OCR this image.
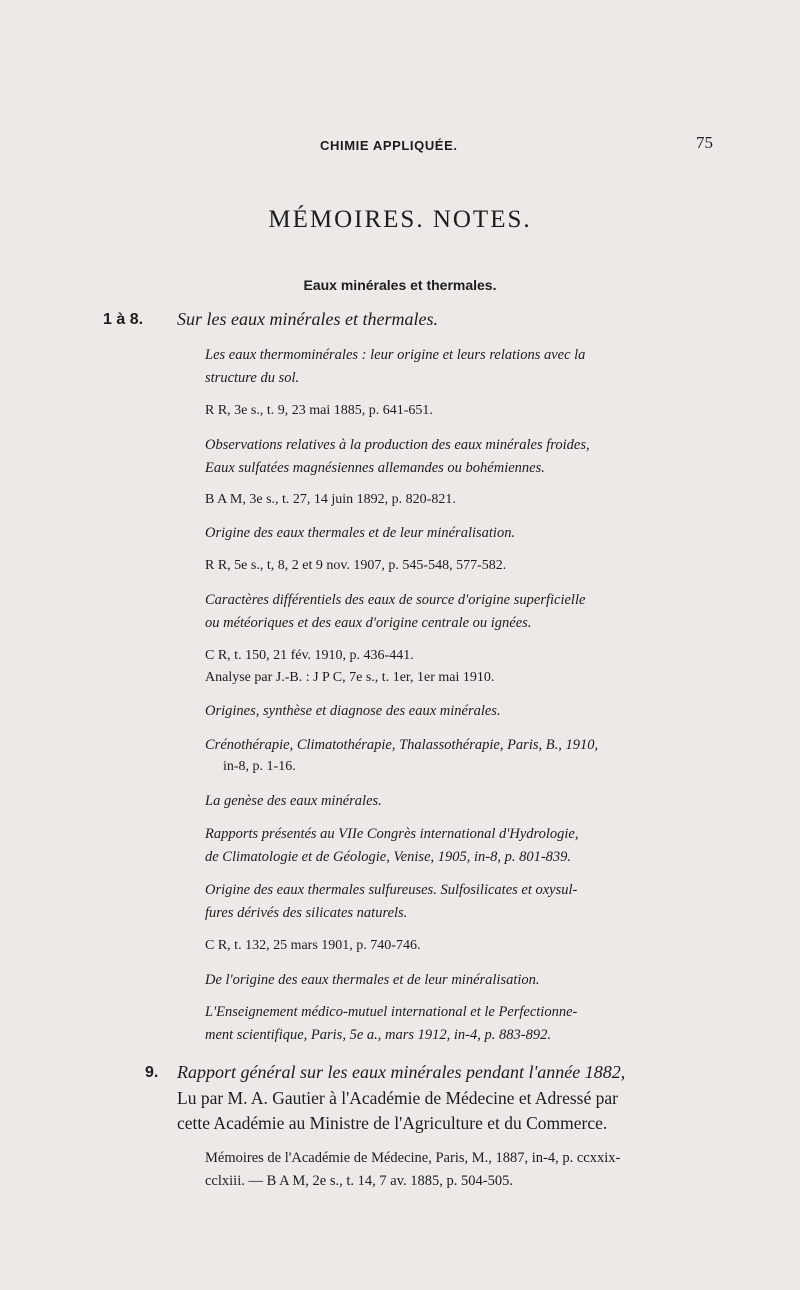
CHIMIE APPLIQUÉE.	75
MÉMOIRES. NOTES.
Eaux minérales et thermales.
1 à 8. Sur les eaux minérales et thermales.
Les eaux thermominérales : leur origine et leurs relations avec la
structure du sol.
R R, 3e s., t. 9, 23 mai 1885, p. 641-651.
Observations relatives à la production des eaux minérales froides,
Eaux sulfatées magnésiennes allemandes ou bohémiennes.
B A M, 3e s., t. 27, 14 juin 1892, p. 820-821.
Origine des eaux thermales et de leur minéralisation.
R R, 5e s., t, 8, 2 et 9 nov. 1907, p. 545-548, 577-582.
Caractères différentiels des eaux de source d'origine superficielle
ou météoriques et des eaux d'origine centrale ou ignées.
C R, t. 150, 21 fév. 1910, p. 436-441.
Analyse par J.-B. : J P C, 7e s., t. 1er, 1er mai 1910.
Origines, synthèse et diagnose des eaux minérales.
Crénothérapie, Climatothérapie, Thalassothérapie, Paris, B., 1910,
in-8, p. 1-16.
La genèse des eaux minérales.
Rapports présentés au VIIe Congrès international d'Hydrologie,
de Climatologie et de Géologie, Venise, 1905, in-8, p. 801-839.
Origine des eaux thermales sulfureuses. Sulfosilicates et oxysul-
fures dérivés des silicates naturels.
C R, t. 132, 25 mars 1901, p. 740-746.
De l'origine des eaux thermales et de leur minéralisation.
L'Enseignement médico-mutuel international et le Perfectionne-
ment scientifique, Paris, 5e a., mars 1912, in-4, p. 883-892.
9. Rapport général sur les eaux minérales pendant l'année 1882,
Lu par M. A. Gautier à l'Académie de Médecine et Adressé par
cette Académie au Ministre de l'Agriculture et du Commerce.
Mémoires de l'Académie de Médecine, Paris, M., 1887, in-4, p. ccxxix-
cclxiii. — B A M, 2e s., t. 14, 7 av. 1885, p. 504-505.
